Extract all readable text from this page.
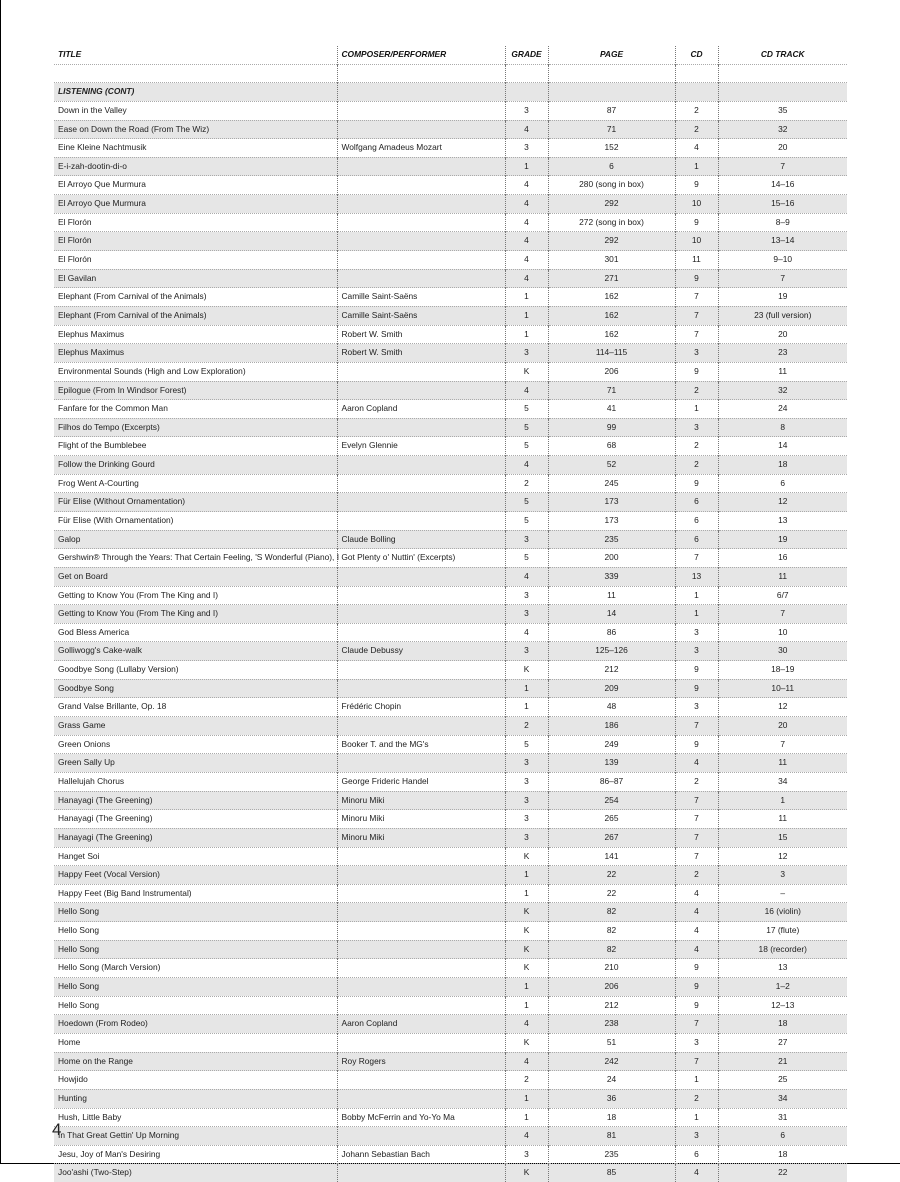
TITLE	COMPOSER/PERFORMER	GRADE	PAGE	CD	CD TRACK

LISTENING (CONT)					
Down in the Valley		3	87	2	35
Ease on Down the Road (From The Wiz)		4	71	2	32
Eine Kleine Nachtmusik	Wolfgang Amadeus Mozart	3	152	4	20
E-i-zah-dootin-di-o		1	6	1	7
El Arroyo Que Murmura		4	280 (song in box)	9	14–16
El Arroyo Que Murmura		4	292	10	15–16
El Florón		4	272 (song in box)	9	8–9
El Florón		4	292	10	13–14
El Florón		4	301	11	9–10
El Gavilan		4	271	9	7
Elephant (From Carnival of the Animals)	Camille Saint-Saëns	1	162	7	19
Elephant (From Carnival of the Animals)	Camille Saint-Saëns	1	162	7	23 (full version)
Elephus Maximus	Robert W. Smith	1	162	7	20
Elephus Maximus	Robert W. Smith	3	114–115	3	23
Environmental Sounds (High and Low Exploration)		K	206	9	11
Epilogue (From In Windsor Forest)		4	71	2	32
Fanfare for the Common Man	Aaron Copland	5	41	1	24
Filhos do Tempo (Excerpts)		5	99	3	8
Flight of the Bumblebee	Evelyn Glennie	5	68	2	14
Follow the Drinking Gourd		4	52	2	18
Frog Went A-Courting		2	245	9	6
Für Elise (Without Ornamentation)		5	173	6	12
Für Elise (With Ornamentation)		5	173	6	13
Galop	Claude Bolling	3	235	6	19
Gershwin® Through the Years: That Certain Feeling, 'S Wonderful (Piano), I Got Plenty o' Nuttin' (Excerpts)		5	200	7	16
Get on Board		4	339	13	11
Getting to Know You (From The King and I)		3	11	1	6/7
Getting to Know You (From The King and I)		3	14	1	7
God Bless America		4	86	3	10
Golliwogg's Cake-walk	Claude Debussy	3	125–126	3	30
Goodbye Song (Lullaby Version)		K	212	9	18–19
Goodbye Song		1	209	9	10–11
Grand Valse Brillante, Op. 18	Frédéric Chopin	1	48	3	12
Grass Game		2	186	7	20
Green Onions	Booker T. and the MG's	5	249	9	7
Green Sally Up		3	139	4	11
Hallelujah Chorus	George Frideric Handel	3	86–87	2	34
Hanayagi (The Greening)	Minoru Miki	3	254	7	1
Hanayagi (The Greening)	Minoru Miki	3	265	7	11
Hanayagi (The Greening)	Minoru Miki	3	267	7	15
Hanget Soi		K	141	7	12
Happy Feet (Vocal Version)		1	22	2	3
Happy Feet (Big Band Instrumental)		1	22	4	–
Hello Song		K	82	4	16 (violin)
Hello Song		K	82	4	17 (flute)
Hello Song		K	82	4	18 (recorder)
Hello Song (March Version)		K	210	9	13
Hello Song		1	206	9	1–2
Hello Song		1	212	9	12–13
Hoedown (From Rodeo)	Aaron Copland	4	238	7	18
Home		K	51	3	27
Home on the Range	Roy Rogers	4	242	7	21
Howjido		2	24	1	25
Hunting		1	36	2	34
Hush, Little Baby	Bobby McFerrin and Yo-Yo Ma	1	18	1	31
In That Great Gettin' Up Morning		4	81	3	6
Jesu, Joy of Man's Desiring	Johann Sebastian Bach	3	235	6	18
Joo'ashi (Two-Step)		K	85	4	22
4
